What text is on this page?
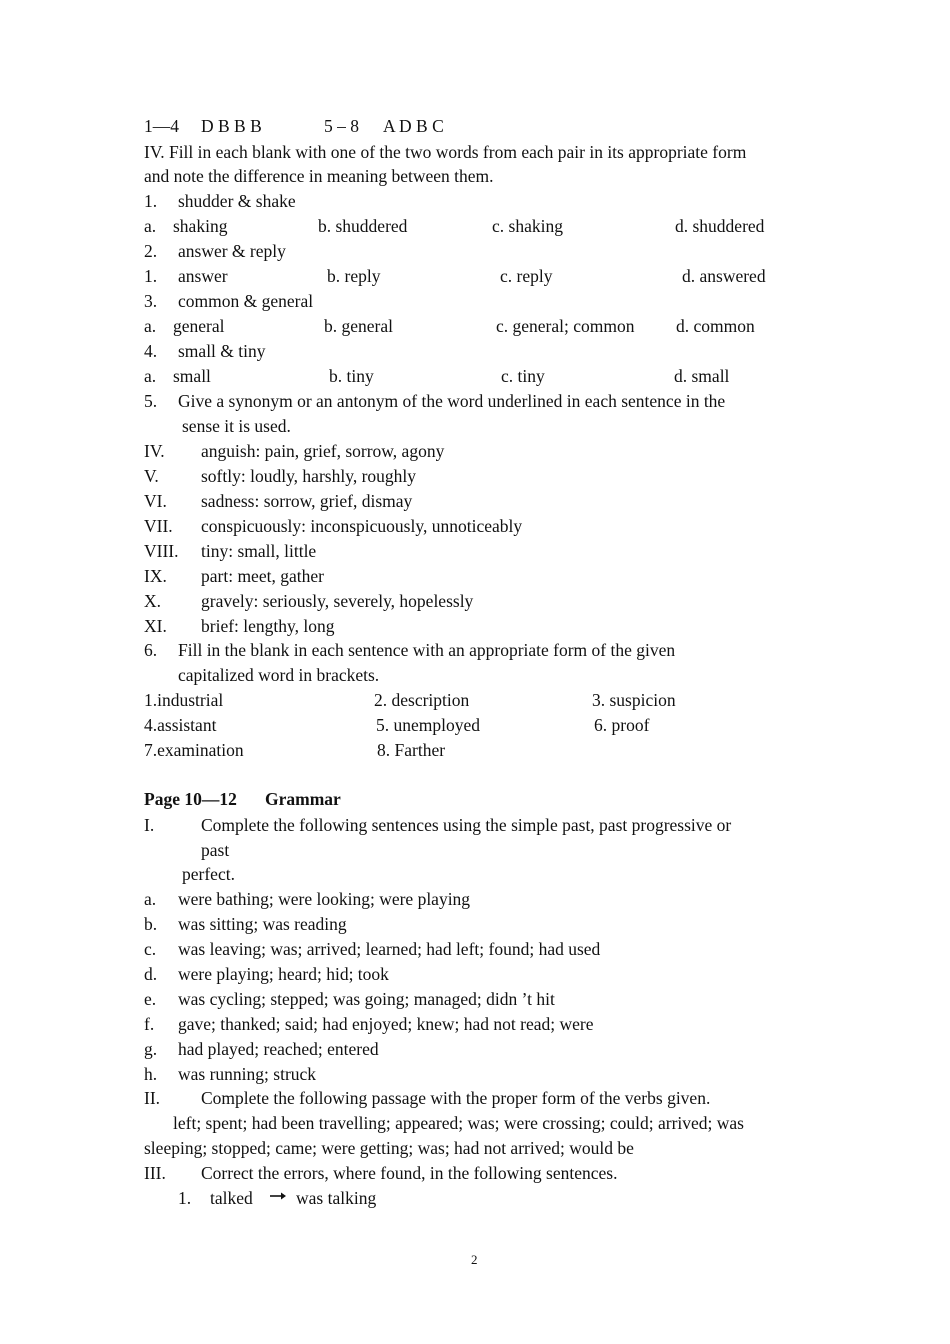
1—4 D B B B	5 – 8 A D B C
IV. Fill in each blank with one of the two words from each pair in its appropriate form
and note the difference in meaning between them.
1. shudder & shake
a. shaking	b. shuddered	c. shaking	d. shuddered
2. answer & reply
1. answer	b. reply	c. reply	d. answered
3. common & general
a. general	b. general	c. general; common d. common
4. small & tiny
a. small	b. tiny	c. tiny	d. small
5. Give a synonym or an antonym of the word underlined in each sentence in the
sense it is used.
IV. anguish: pain, grief, sorrow, agony
V. softly: loudly, harshly, roughly
VI. sadness: sorrow, grief, dismay
VII. conspicuously: inconspicuously, unnoticeably
VIII. tiny: small, little
IX. part: meet, gather
X. gravely: seriously, severely, hopelessly
XI. brief: lengthy, long
6. Fill in the blank in each sentence with an appropriate form of the given
capitalized word in brackets.
1.industrial	2. description	3. suspicion
4.assistant	5. unemployed	6. proof
7.examination	8. Farther
Page 10—12 Grammar
I.	Complete the following sentences using the simple past, past progressive or
past
perfect.
a. were bathing; were looking; were playing
b. was sitting; was reading
c. was leaving; was; arrived; learned; had left; found; had used
d. were playing; heard; hid; took
e. was cycling; stepped; was going; managed; didn ’t hit
f. gave; thanked; said; had enjoyed; knew; had not read; were
g. had played; reached; entered
h. was running; struck
II. Complete the following passage with the proper form of the verbs given.
left; spent; had been travelling; appeared; was; were crossing; could; arrived; was
sleeping; stopped; came; were getting; was; had not arrived; would be
III. Correct the errors, where found, in the following sentences.
1. talked was talking
2
